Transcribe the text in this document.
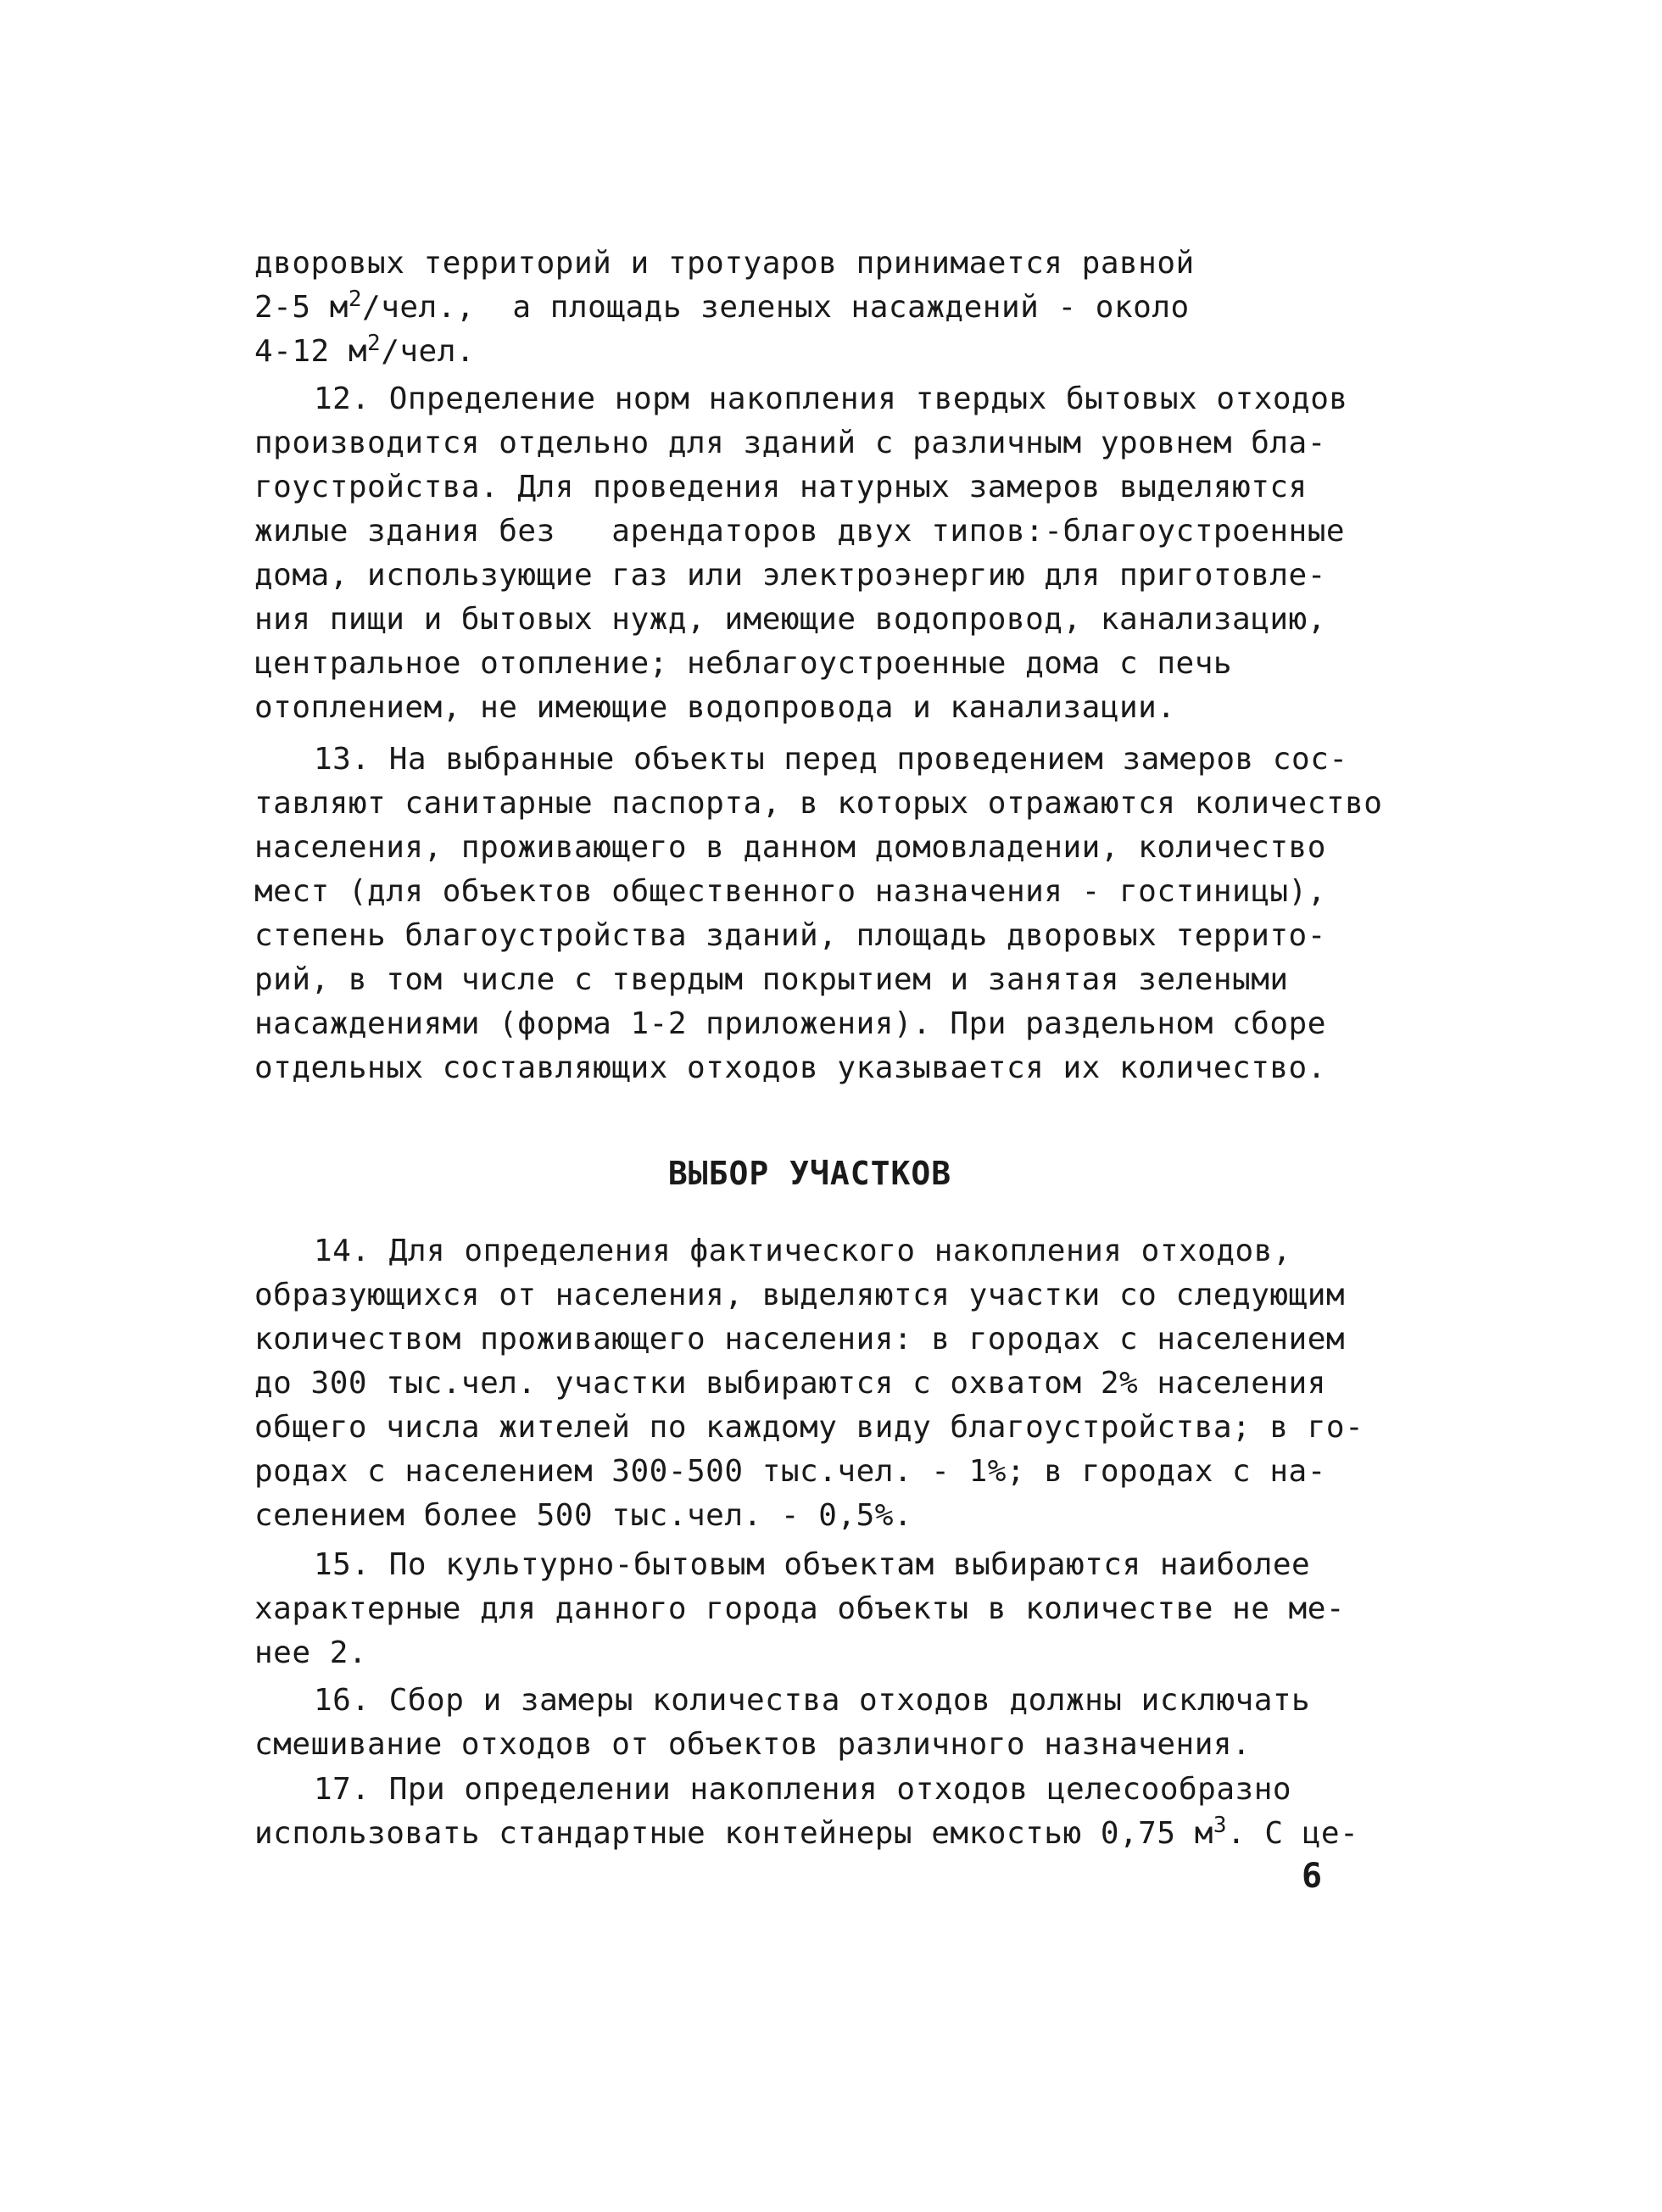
дворовых территорий и тротуаров принимается равной
2-5 $м^2$/чел.,  а площадь зеленых насаждений - около
4-12 $м^2$/чел.
12. Определение норм накопления твердых бытовых отходов
производится отдельно для зданий с различным уровнем бла-
гоустройства. Для проведения натурных замеров выделяются
жилые здания без   арендаторов двух типов:-благоустроенные
дома, использующие газ или электроэнергию для приготовле-
ния пищи и бытовых нужд, имеющие водопровод, канализацию,
центральное отопление; неблагоустроенные дома с печь
отоплением, не имеющие водопровода и канализации.
13. На выбранные объекты перед проведением замеров сос-
тавляют санитарные паспорта, в которых отражаются количество
населения, проживающего в данном домовладении, количество
мест (для объектов общественного назначения - гостиницы),
степень благоустройства зданий, площадь дворовых террито-
рий, в том числе с твердым покрытием и занятая зелеными
насаждениями (форма 1-2 приложения). При раздельном сборе
отдельных составляющих отходов указывается их количество.
ВЫБОР УЧАСТКОВ
14. Для определения фактического накопления отходов,
образующихся от населения, выделяются участки со следующим
количеством проживающего населения: в городах с населением
до 300 тыс.чел. участки выбираются с охватом 2% населения
общего числа жителей по каждому виду благоустройства; в го-
родах с населением 300-500 тыс.чел. - 1%; в городах с на-
селением более 500 тыс.чел. - 0,5%.
15. По культурно-бытовым объектам выбираются наиболее
характерные для данного города объекты в количестве не ме-
нее 2.
16. Сбор и замеры количества отходов должны исключать
смешивание отходов от объектов различного назначения.
17. При определении накопления отходов целесообразно
использовать стандартные контейнеры емкостью 0,75 $м^3$. С це-
6
